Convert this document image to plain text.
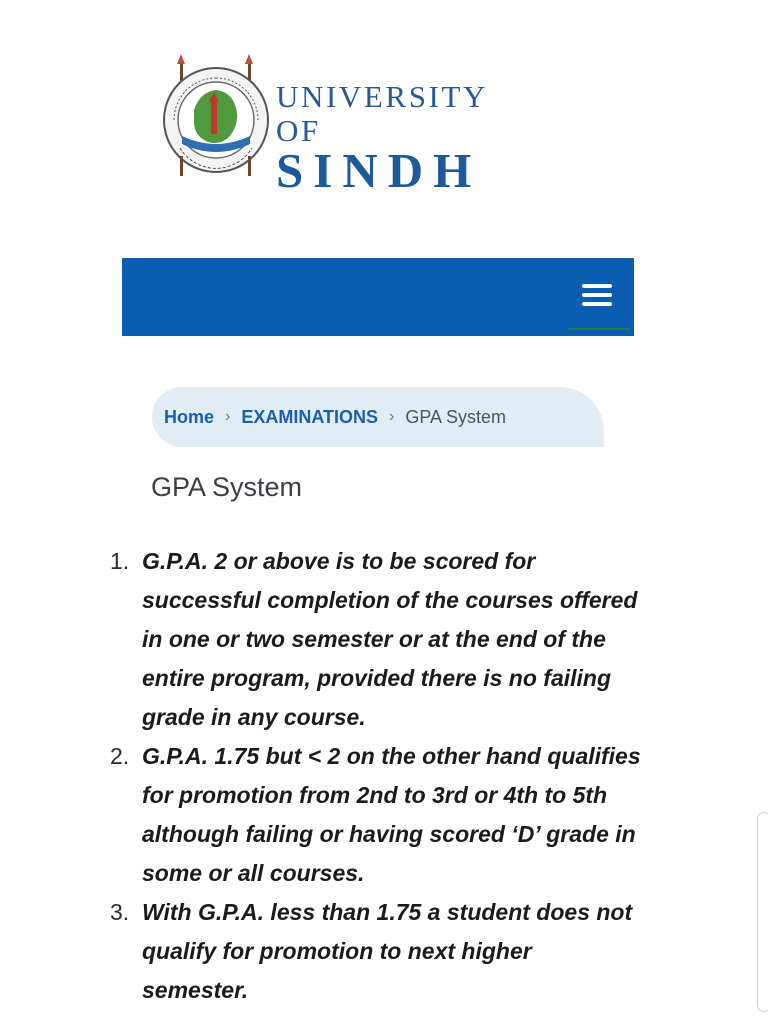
UNIVERSITY OF
SINDH
Home › EXAMINATIONS › GPA System
GPA System
1. G.P.A. 2 or above is to be scored for
successful completion of the courses offered
in one or two semester or at the end of the
entire program, provided there is no failing
grade in any course.
2. G.P.A. 1.75 but < 2 on the other hand qualifies
for promotion from 2nd to 3rd or 4th to 5th
although failing or having scored ‘D’ grade in
some or all courses.
3. With G.P.A. less than 1.75 a student does not
qualify for promotion to next higher
semester.
